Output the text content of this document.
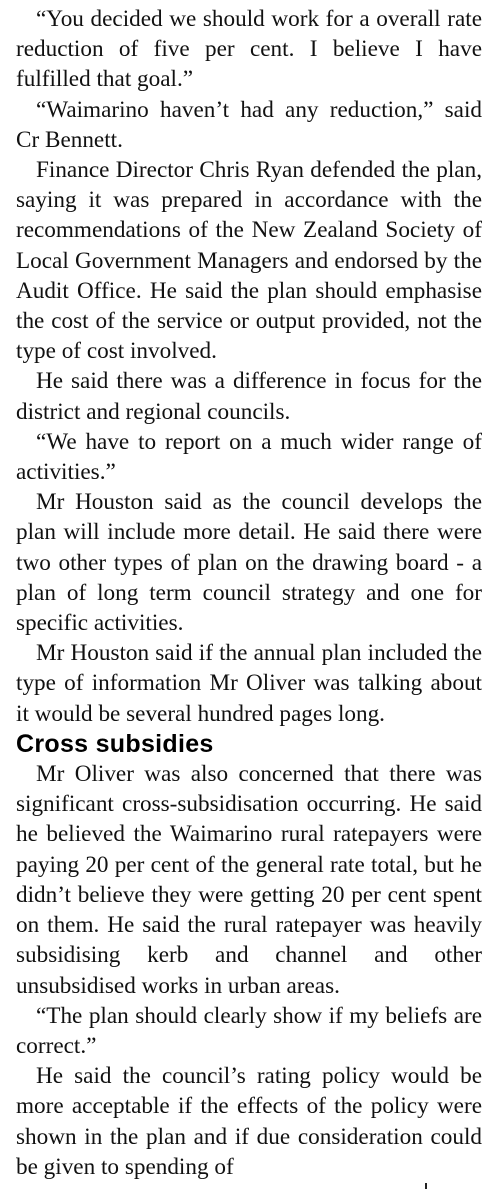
“You decided we should work for a overall rate reduction of five per cent. I believe I have fulfilled that goal.”

“Waimarino haven’t had any reduction,” said Cr Bennett.

Finance Director Chris Ryan defended the plan, saying it was prepared in accordance with the recommendations of the New Zealand Society of Local Government Managers and endorsed by the Audit Office. He said the plan should emphasise the cost of the service or output provided, not the type of cost involved.

He said there was a difference in focus for the district and regional councils.

“We have to report on a much wider range of activities.”

Mr Houston said as the council develops the plan will include more detail. He said there were two other types of plan on the drawing board - a plan of long term council strategy and one for specific activities.

Mr Houston said if the annual plan included the type of information Mr Oliver was talking about it would be several hundred pages long.

Cross subsidies

Mr Oliver was also concerned that there was significant cross-subsidisation occurring. He said he believed the Waimarino rural ratepayers were paying 20 per cent of the general rate total, but he didn’t believe they were getting 20 per cent spent on them. He said the rural ratepayer was heavily subsidising kerb and channel and other unsubsidised works in urban areas.

“The plan should clearly show if my beliefs are correct.”

He said the council’s rating policy would be more acceptable if the effects of the policy were shown in the plan and if due consideration could be given to spending of
